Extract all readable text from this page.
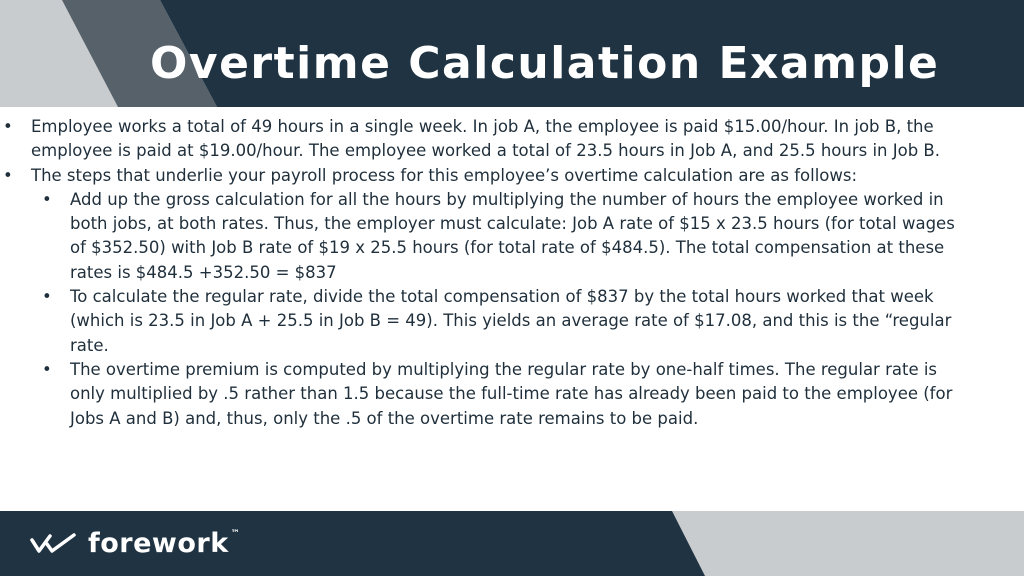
Overtime Calculation Example
• Employee works a total of 49 hours in a single week. In job A, the employee is paid $15.00/hour. In job B, the employee is paid at $19.00/hour. The employee worked a total of 23.5 hours in Job A, and 25.5 hours in Job B.
• The steps that underlie your payroll process for this employee’s overtime calculation are as follows:
• Add up the gross calculation for all the hours by multiplying the number of hours the employee worked in both jobs, at both rates. Thus, the employer must calculate: Job A rate of $15 x 23.5 hours (for total wages of $352.50) with Job B rate of $19 x 25.5 hours (for total rate of $484.5). The total compensation at these rates is $484.5 +352.50 = $837
• To calculate the regular rate, divide the total compensation of $837 by the total hours worked that week (which is 23.5 in Job A + 25.5 in Job B = 49). This yields an average rate of $17.08, and this is the “regular rate.
• The overtime premium is computed by multiplying the regular rate by one-half times. The regular rate is only multiplied by .5 rather than 1.5 because the full-time rate has already been paid to the employee (for Jobs A and B) and, thus, only the .5 of the overtime rate remains to be paid.
forework ™
